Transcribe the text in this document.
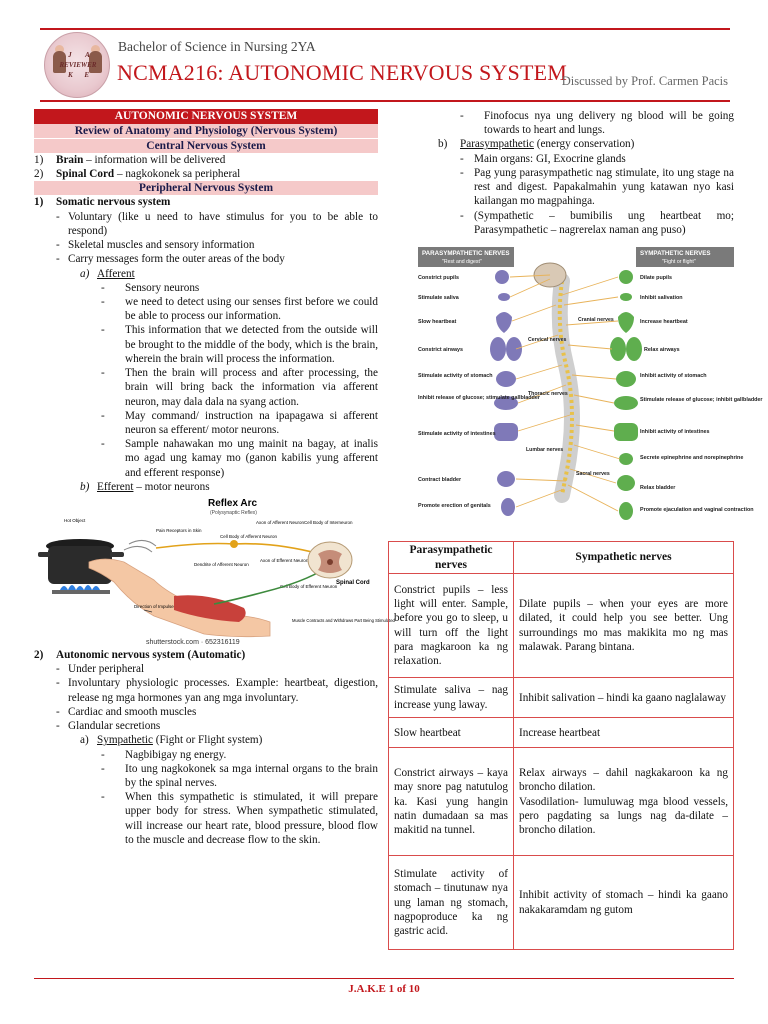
J A
REVIEWER
K E
Bachelor of Science in Nursing 2YA
NCMA216: AUTONOMIC NERVOUS SYSTEM
Discussed by Prof. Carmen Pacis
AUTONOMIC NERVOUS SYSTEM
Review of Anatomy and Physiology (Nervous System)
Central Nervous System
1)	Brain – information will be delivered
2)	Spinal Cord – nagkokonek sa peripheral
Peripheral Nervous System
1)	Somatic nervous system
- Voluntary (like u need to have stimulus for you to be able to respond)
- Skeletal muscles and sensory information
- Carry messages form the outer areas of the body
a) Afferent
-	Sensory neurons
-	we need to detect using our senses first before we could be able to process our information.
-	This information that we detected from the outside will be brought to the middle of the body, which is the brain, wherein the brain will process the information.
-	Then the brain will process and after processing, the brain will bring back the information via afferent neuron, may dala dala na syang action.
-	May command/ instruction na ipapagawa si afferent neuron sa efferent/ motor neurons.
-	Sample nahawakan mo ung mainit na bagay, at inalis mo agad ung kamay mo (ganon kabilis yung afferent and efferent response)
b) Efferent – motor neurons
Reflex Arc
(Polysynaptic Reflex)
Hot Object
Pain Receptors in Skin
Cell Body of Afferent Neuron
Dendrite of Afferent Neuron
Axon of Afferent Neuron Cell Body of Interneuron
Axon of Efferent Neuron
Cell Body of Efferent Neuron
Spinal Cord
Direction of Impulse
Muscle Contracts and Withdraws Part Being Stimulated
shutterstock.com · 652316119
2)	Autonomic nervous system (Automatic)
- Under peripheral
- Involuntary physiologic processes. Example: heartbeat, digestion, release ng mga hormones yan ang mga involuntary.
- Cardiac and smooth muscles
- Glandular secretions
a) Sympathetic (Fight or Flight system)
-	Nagbibigay ng energy.
-	Ito ung nagkokonek sa mga internal organs to the brain by the spinal nerves.
-	When this sympathetic is stimulated, it will prepare upper body for stress. When sympathetic stimulated, will increase our heart rate, blood pressure, blood flow to the muscle and decrease flow to the skin.
-	Finofocus nya ung delivery ng blood will be going towards to heart and lungs.
b)	Parasympathetic (energy conservation)
- Main organs: GI, Exocrine glands
- Pag yung parasympathetic nag stimulate, ito ung stage na rest and digest. Papakalmahin yung katawan nyo kasi kailangan mo magpahinga.
- (Sympathetic – bumibilis ung heartbeat mo; Parasympathetic – nagrerelax naman ang puso)
PARASYMPATHETIC NERVES
"Rest and digest"
SYMPATHETIC NERVES
"Fight or flight"
Constrict pupils
Stimulate saliva
Slow heartbeat
Constrict airways
Stimulate activity of stomach
Inhibit release of glucose; stimulate gallbladder
Stimulate activity of intestines
Contract bladder
Promote erection of genitals
Dilate pupils
Inhibit salivation
Increase heartbeat
Relax airways
Inhibit activity of stomach
Stimulate release of glucose; inhibit gallbladder
Inhibit activity of intestines
Secrete epinephrine and norepinephrine
Relax bladder
Promote ejaculation and vaginal contraction
Cranial nerves
Cervical nerves
Thoracic nerves
Lumbar nerves
Sacral nerves
Parasympathetic nerves	Sympathetic nerves
Constrict pupils – less light will enter. Sample, before you go to sleep, u will turn off the light para magkaroon ka ng relaxation.	Dilate pupils – when your eyes are more dilated, it could help you see better. Ung surroundings mo mas makikita mo ng mas malawak. Parang bintana.
Stimulate saliva – nag increase yung laway.	Inhibit salivation – hindi ka gaano naglalaway
Slow heartbeat	Increase heartbeat
Constrict airways – kaya may snore pag natutulog ka. Kasi yung hangin natin dumadaan sa mas makitid na tunnel.	Relax airways – dahil nagkakaroon ka ng broncho dilation.
Vasodilation- lumuluwag mga blood vessels, pero pagdating sa lungs nag da-dilate – broncho dilation.
Stimulate activity of stomach – tinutunaw nya ung laman ng stomach, nagpoproduce ka ng gastric acid.	Inhibit activity of stomach – hindi ka gaano nakakaramdam ng gutom
J.A.K.E 1 of 10
